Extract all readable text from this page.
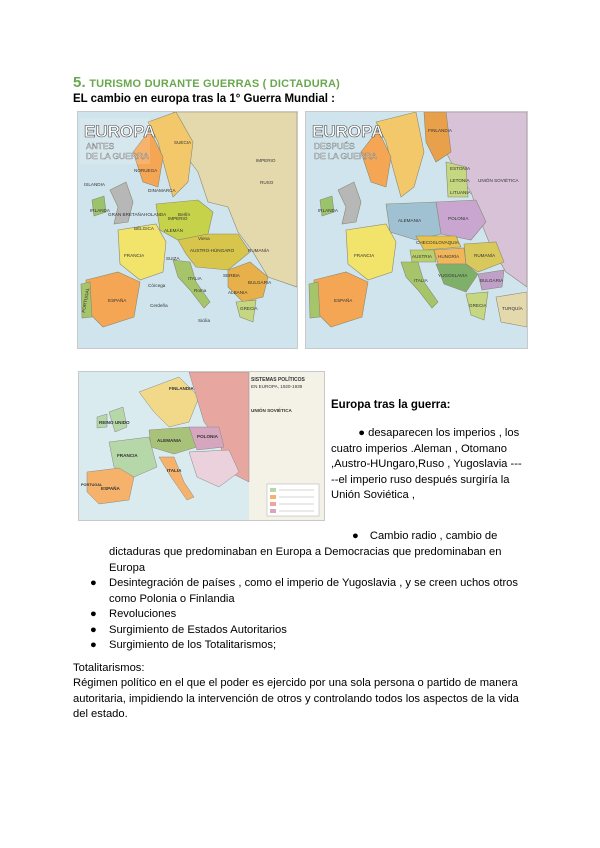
5. TURISMO DURANTE GUERRAS ( DICTADURA)
EL cambio en europa tras la 1° Guerra Mundial :
EUROPA
ANTES
DE LA GUERRA
ISLANDIA
SUECIA
NORUEGA
DINAMARCA
IMPERIO
RUSO
IRLANDA
GRAN BRETAÑA HOLANDA
BÉLGICA
IMPERIO
ALEMÁN
Berlín
FRANCIA
SUIZA
Viena
AUSTRO-HÚNGARO	RUMANÍA
SERBIA
BULGARIA
ITALIA
Roma	ALBANIA
GRECIA
Córcega
Cerdeña
Sicilia
ESPAÑA
PORTUGAL
EUROPA
DESPUÉS
DE LA GUERRA
FINLANDIA
ESTONIA
LETONIA
LITUANIA
UNIÓN SOVIÉTICA
POLONIA
CHECOSLOVAQUIA
AUSTRIA HUNGRÍA	RUMANÍA
YUGOSLAVIA
BULGARIA
ALEMANIA
FRANCIA
IRLANDA
ESPAÑA
ITALIA
GRECIA
TURQUÍA
SISTEMAS POLÍTICOS
EN EUROPA, 1920-1939
FINLANDIA
REINO UNIDO
UNIÓN SOVIÉTICA
ALEMANIA
POLONIA
FRANCIA
ESPAÑA
ITALIA
PORTUGAL
Europa tras la guerra:
● desaparecen los imperios , los cuatro imperios .Aleman , Otomano ,Austro-HUngaro,Ruso , Yugoslavia -----el imperio ruso después surgiría la Unión Soviética ,
● Cambio radio , cambio de
dictaduras que predominaban en Europa a Democracias que predominaban en Europa
● Desintegración de países , como el imperio de Yugoslavia , y se creen uchos otros como Polonia o Finlandia
● Revoluciones
● Surgimiento de Estados Autoritarios
● Surgimiento de los Totalitarismos;
Totalitarismos:
Régimen político en el que el poder es ejercido por una sola persona o partido de manera autoritaria, impidiendo la intervención de otros y controlando todos los aspectos de la vida del estado.
